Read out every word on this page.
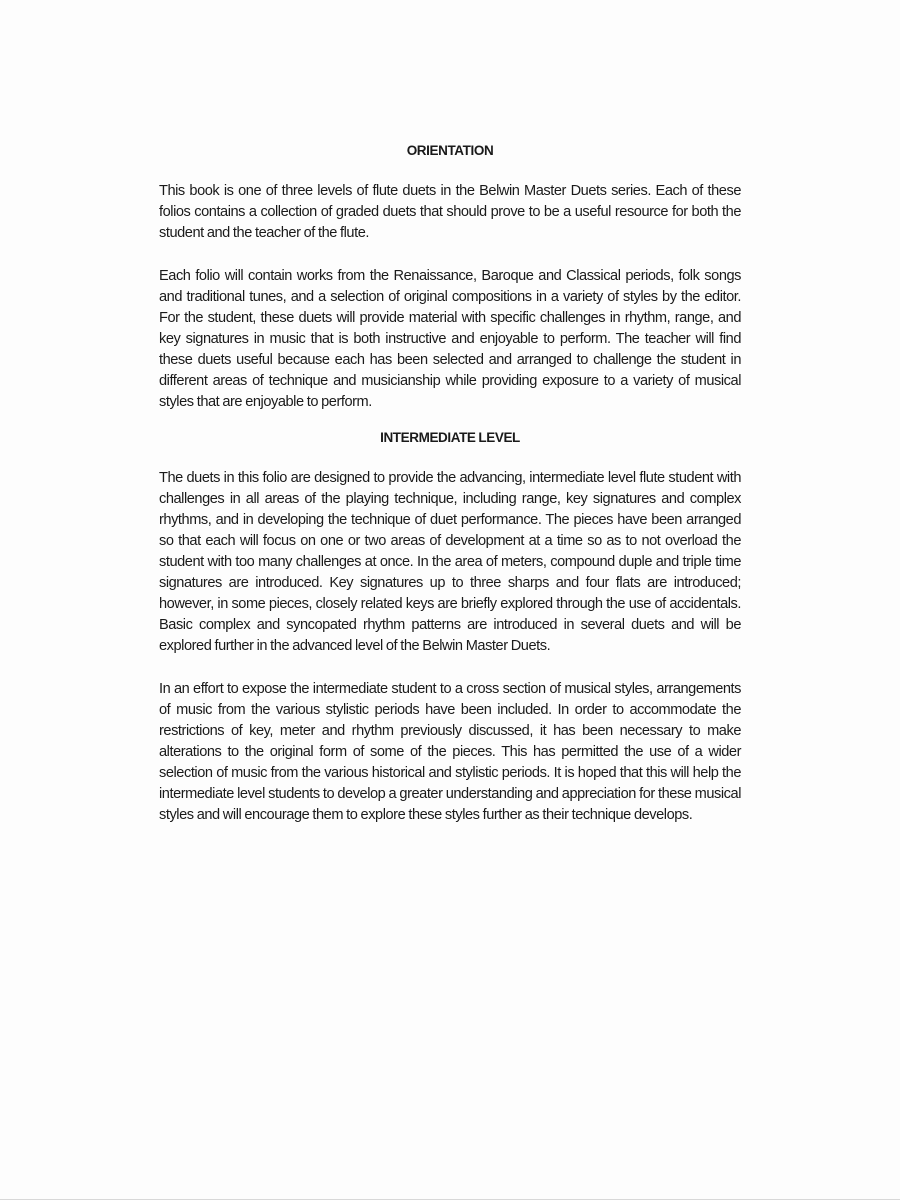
ORIENTATION

This book is one of three levels of flute duets in the Belwin Master Duets series. Each of these folios contains a collection of graded duets that should prove to be a useful resource for both the student and the teacher of the flute.

Each folio will contain works from the Renaissance, Baroque and Classical periods, folk songs and traditional tunes, and a selection of original compositions in a variety of styles by the editor. For the student, these duets will provide material with specific challenges in rhythm, range, and key signatures in music that is both instructive and enjoyable to perform. The teacher will find these duets useful because each has been selected and arranged to challenge the student in different areas of technique and musicianship while providing exposure to a variety of musical styles that are enjoyable to perform.

INTERMEDIATE LEVEL

The duets in this folio are designed to provide the advancing, intermediate level flute student with challenges in all areas of the playing technique, including range, key signatures and complex rhythms, and in developing the technique of duet performance. The pieces have been arranged so that each will focus on one or two areas of development at a time so as to not overload the student with too many challenges at once. In the area of meters, compound duple and triple time signatures are introduced. Key signatures up to three sharps and four flats are introduced; however, in some pieces, closely related keys are briefly explored through the use of accidentals. Basic complex and syncopated rhythm patterns are introduced in several duets and will be explored further in the advanced level of the Belwin Master Duets.

In an effort to expose the intermediate student to a cross section of musical styles, arrangements of music from the various stylistic periods have been included. In order to accommodate the restrictions of key, meter and rhythm previously discussed, it has been necessary to make alterations to the original form of some of the pieces. This has permitted the use of a wider selection of music from the various historical and stylistic periods. It is hoped that this will help the intermediate level students to develop a greater understanding and appreciation for these musical styles and will encourage them to explore these styles further as their technique develops.
